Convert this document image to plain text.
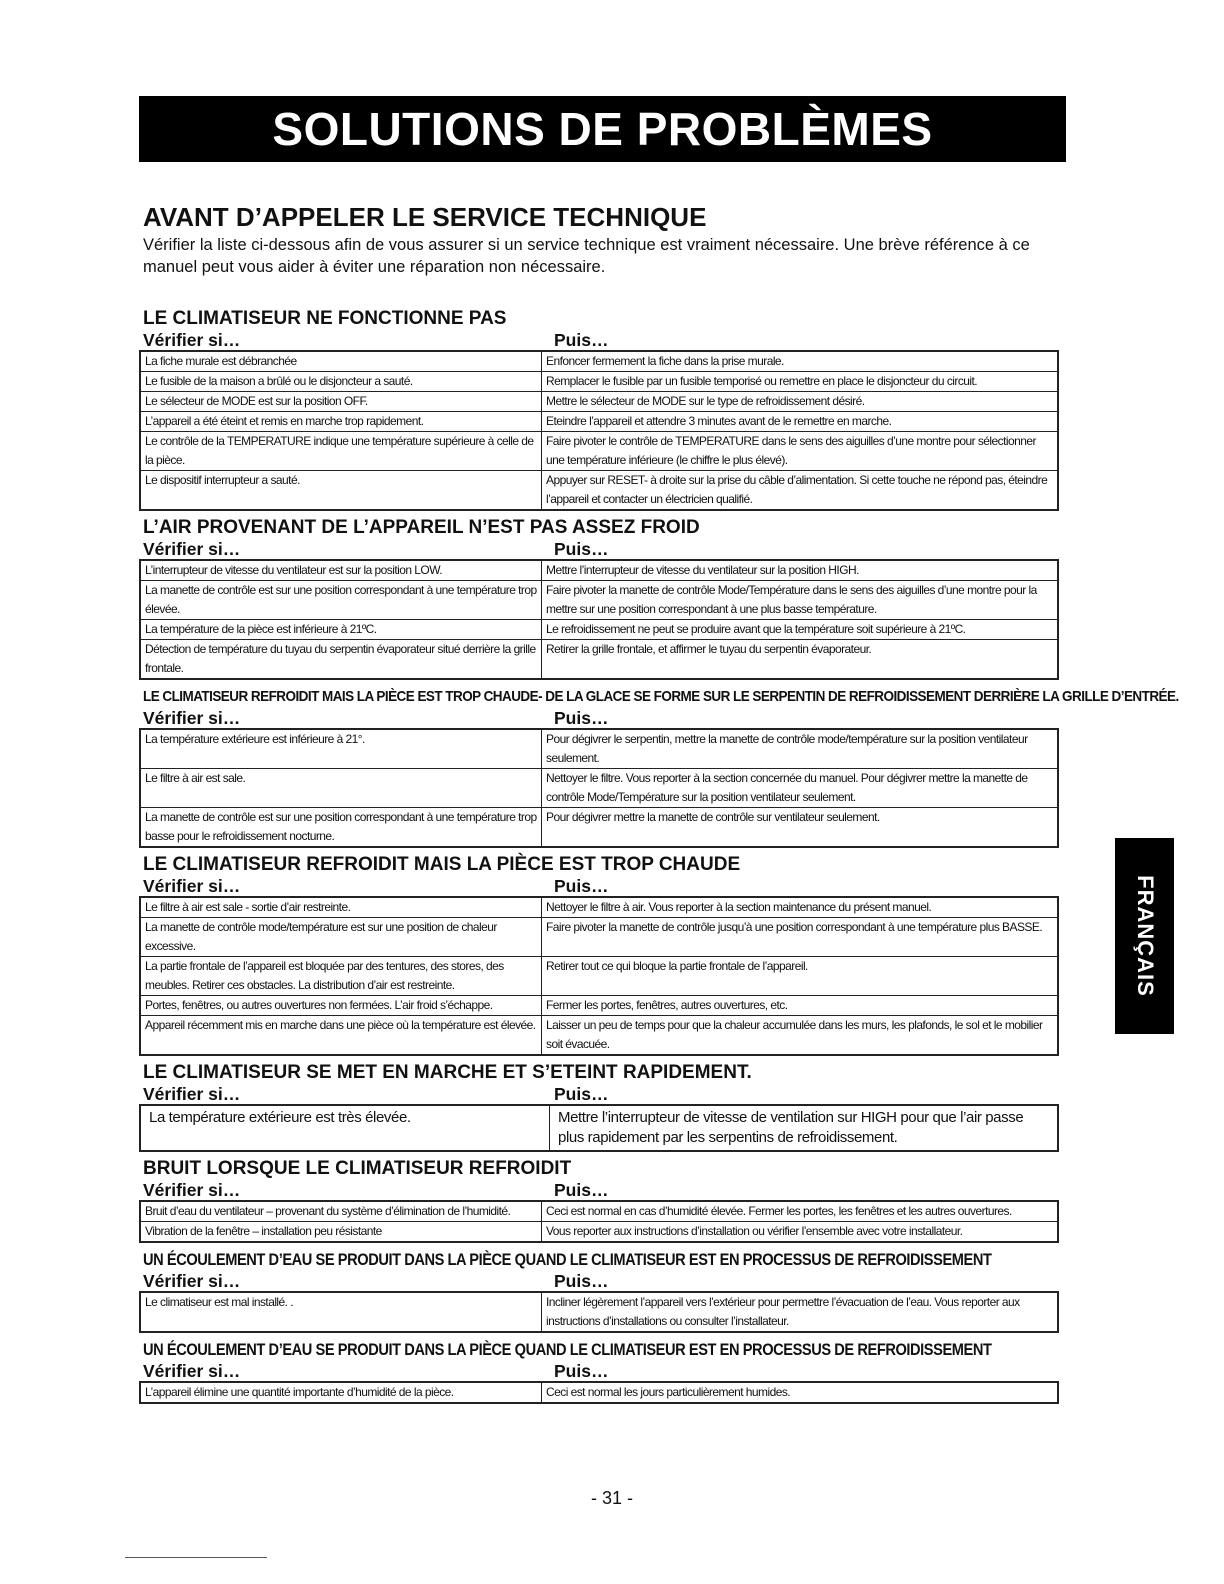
SOLUTIONS DE PROBLÈMES
AVANT D’APPELER LE SERVICE TECHNIQUE
Vérifier la liste ci-dessous afin de vous assurer si un service technique est vraiment nécessaire. Une brève référence à ce manuel peut vous aider à éviter une réparation non nécessaire.
LE CLIMATISEUR NE FONCTIONNE PAS
Vérifier si…	Puis…
La fiche murale est débranchée	Enfoncer fermement la fiche dans la prise murale.
Le fusible de la maison a brûlé ou le disjoncteur a sauté.	Remplacer le fusible par un fusible temporisé ou remettre en place le disjoncteur du circuit.
Le sélecteur de MODE est sur la position OFF.	Mettre le sélecteur de MODE sur le type de refroidissement désiré.
L’appareil a été éteint et remis en marche trop rapidement.	Eteindre l’appareil et attendre 3 minutes avant de le remettre en marche.
Le contrôle de la TEMPERATURE indique une température supérieure à celle de la pièce.	Faire pivoter le contrôle de TEMPERATURE dans le sens des aiguilles d’une montre pour sélectionner une température inférieure (le chiffre le plus élevé).
Le dispositif interrupteur a sauté.	Appuyer sur RESET- à droite sur la prise du câble d’alimentation. Si cette touche ne répond pas, éteindre l’appareil et contacter un électricien qualifié.
L’AIR PROVENANT DE L’APPAREIL N’EST PAS ASSEZ FROID
Vérifier si…	Puis…
L’interrupteur de vitesse du ventilateur est sur la position LOW.	Mettre l’interrupteur de vitesse du ventilateur sur la position HIGH.
La manette de contrôle est sur une position correspondant à une température trop élevée.	Faire pivoter la manette de contrôle Mode/Température dans le sens des aiguilles d’une montre pour la mettre sur une position correspondant à une plus basse température.
La température de la pièce est inférieure à 21ºC.	Le refroidissement ne peut se produire avant que la température soit supérieure à 21ºC.
Détection de température du tuyau du serpentin évaporateur situé derrière la grille frontale.	Retirer la grille frontale, et affirmer le tuyau du serpentin évaporateur.
LE CLIMATISEUR REFROIDIT MAIS LA PIÈCE EST TROP CHAUDE- DE LA GLACE SE FORME SUR LE SERPENTIN DE REFROIDISSEMENT DERRIÈRE LA GRILLE D’ENTRÉE.
Vérifier si…	Puis…
La température extérieure est inférieure à 21°.	Pour dégivrer le serpentin, mettre la manette de contrôle mode/température sur la position ventilateur seulement.
Le filtre à air est sale.	Nettoyer le filtre. Vous reporter à la section concernée du manuel. Pour dégivrer mettre la manette de contrôle Mode/Température sur la position ventilateur seulement.
La manette de contrôle est sur une position correspondant à une température trop basse pour le refroidissement nocturne.	Pour dégivrer mettre la manette de contrôle sur ventilateur seulement.
LE CLIMATISEUR REFROIDIT MAIS LA PIÈCE EST TROP CHAUDE
Vérifier si…	Puis…
Le filtre à air est sale - sortie d’air restreinte.	Nettoyer le filtre à air. Vous reporter à la section maintenance du présent manuel.
La manette de contrôle mode/température est sur une position de chaleur excessive.	Faire pivoter la manette de contrôle jusqu’à une position correspondant à une température plus BASSE.
La partie frontale de l’appareil est bloquée par des tentures, des stores, des meubles. Retirer ces obstacles. La distribution d’air est restreinte.	Retirer tout ce qui bloque la partie frontale de l’appareil.
Portes, fenêtres, ou autres ouvertures non fermées. L’air froid s’échappe.	Fermer les portes, fenêtres, autres ouvertures, etc.
Appareil récemment mis en marche dans une pièce où la température est élevée.	Laisser un peu de temps pour que la chaleur accumulée dans les murs, les plafonds, le sol et le mobilier soit évacuée.
LE CLIMATISEUR SE MET EN MARCHE ET S’ETEINT RAPIDEMENT.
Vérifier si…	Puis…
La température extérieure est très élevée.	Mettre l’interrupteur de vitesse de ventilation sur HIGH pour que l’air passe plus rapidement par les serpentins de refroidissement.
BRUIT LORSQUE LE CLIMATISEUR REFROIDIT
Vérifier si…	Puis…
Bruit d’eau du ventilateur – provenant du système d’élimination de l’humidité.	Ceci est normal en cas d’humidité élevée. Fermer les portes, les fenêtres et les autres ouvertures.
Vibration de la fenêtre – installation peu résistante	Vous reporter aux instructions d’installation ou vérifier l’ensemble avec votre installateur.
UN ÉCOULEMENT D’EAU SE PRODUIT DANS LA PIÈCE QUAND LE CLIMATISEUR EST EN PROCESSUS DE REFROIDISSEMENT
Vérifier si…	Puis…
Le climatiseur est mal installé. .	Incliner légèrement l’appareil vers l’extérieur pour permettre l’évacuation de l’eau. Vous reporter aux instructions d’installations ou consulter l’installateur.
UN ÉCOULEMENT D’EAU SE PRODUIT DANS LA PIÈCE QUAND LE CLIMATISEUR EST EN PROCESSUS DE REFROIDISSEMENT
Vérifier si…	Puis…
L’appareil élimine une quantité importante d’humidité de la pièce.	Ceci est normal les jours particulièrement humides.
FRANÇAIS
- 31 -
